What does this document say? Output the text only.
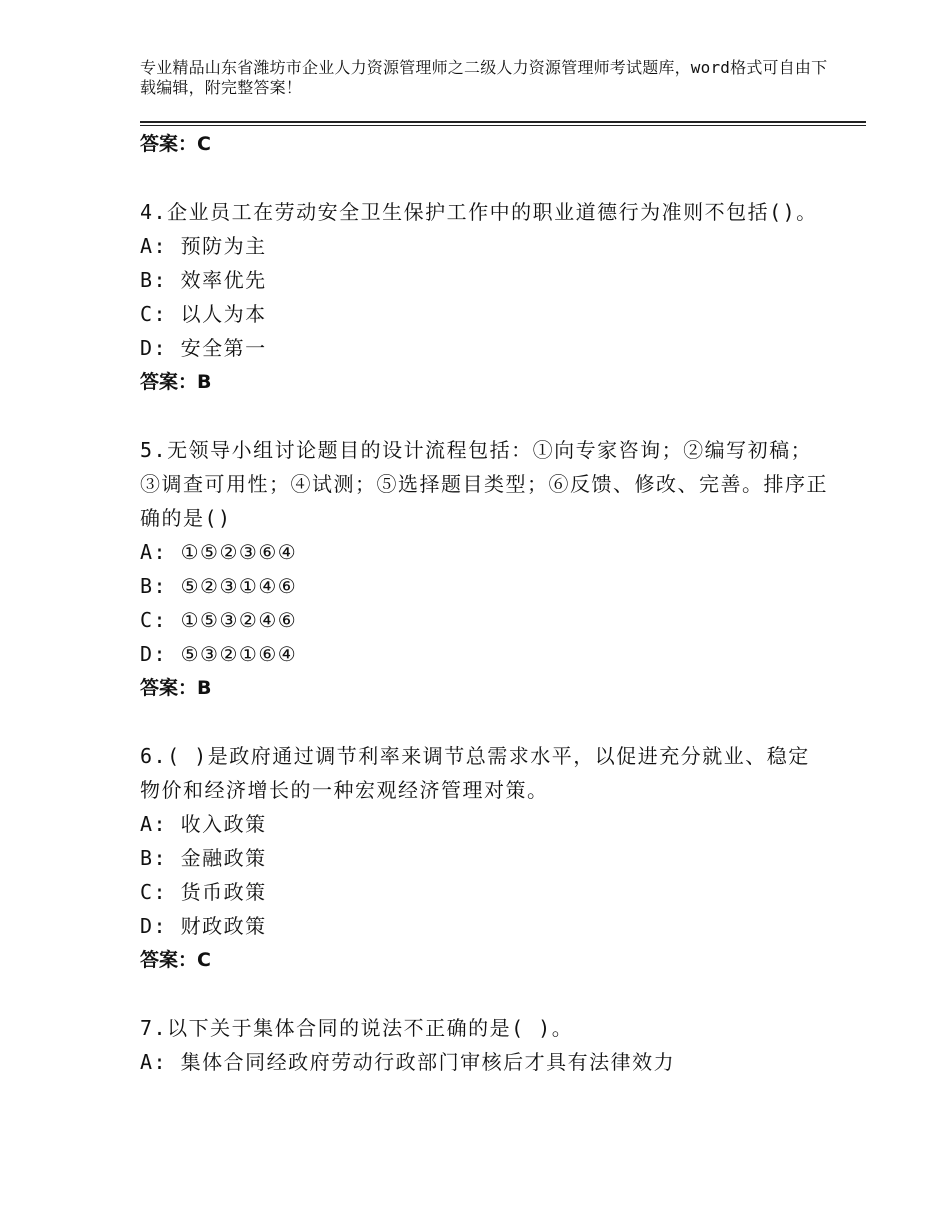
专业精品山东省潍坊市企业人力资源管理师之二级人力资源管理师考试题库，word格式可自由下载编辑，附完整答案！
答案：C
4.企业员工在劳动安全卫生保护工作中的职业道德行为准则不包括()。
A: 预防为主
B: 效率优先
C: 以人为本
D: 安全第一
答案：B
5.无领导小组讨论题目的设计流程包括：①向专家咨询；②编写初稿；③调查可用性；④试测；⑤选择题目类型；⑥反馈、修改、完善。排序正确的是()
A: ①⑤②③⑥④
B: ⑤②③①④⑥
C: ①⑤③②④⑥
D: ⑤③②①⑥④
答案：B
6.( )是政府通过调节利率来调节总需求水平，以促进充分就业、稳定物价和经济增长的一种宏观经济管理对策。
A: 收入政策
B: 金融政策
C: 货币政策
D: 财政政策
答案：C
7.以下关于集体合同的说法不正确的是( )。
A: 集体合同经政府劳动行政部门审核后才具有法律效力
